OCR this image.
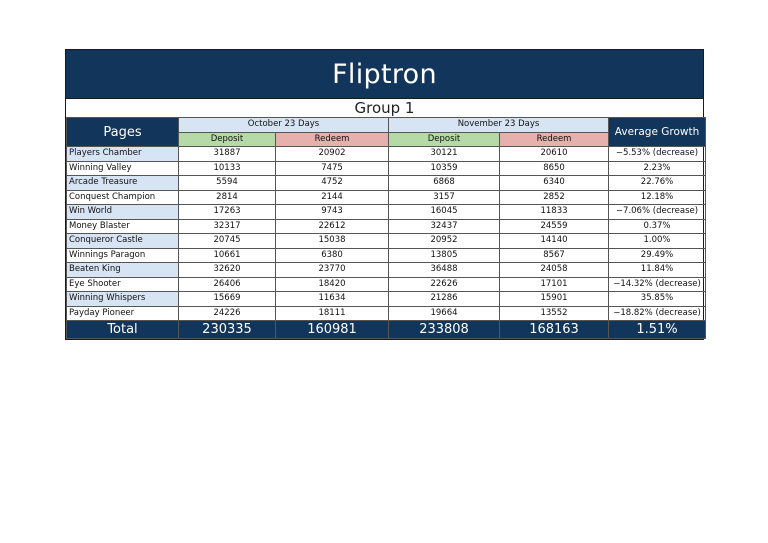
Fliptron
Group 1
Pages	October 23 Days		November 23 Days		Average Growth
	Deposit	Redeem	Deposit	Redeem	
Players Chamber	31887	20902	30121	20610	−5.53% (decrease)
Winning Valley	10133	7475	10359	8650	2.23%
Arcade Treasure	5594	4752	6868	6340	22.76%
Conquest Champion	2814	2144	3157	2852	12.18%
Win World	17263	9743	16045	11833	−7.06% (decrease)
Money Blaster	32317	22612	32437	24559	0.37%
Conqueror Castle	20745	15038	20952	14140	1.00%
Winnings Paragon	10661	6380	13805	8567	29.49%
Beaten King	32620	23770	36488	24058	11.84%
Eye Shooter	26406	18420	22626	17101	−14.32% (decrease)
Winning Whispers	15669	11634	21286	15901	35.85%
Payday Pioneer	24226	18111	19664	13552	−18.82% (decrease)
Total	230335	160981	233808	168163	1.51%
